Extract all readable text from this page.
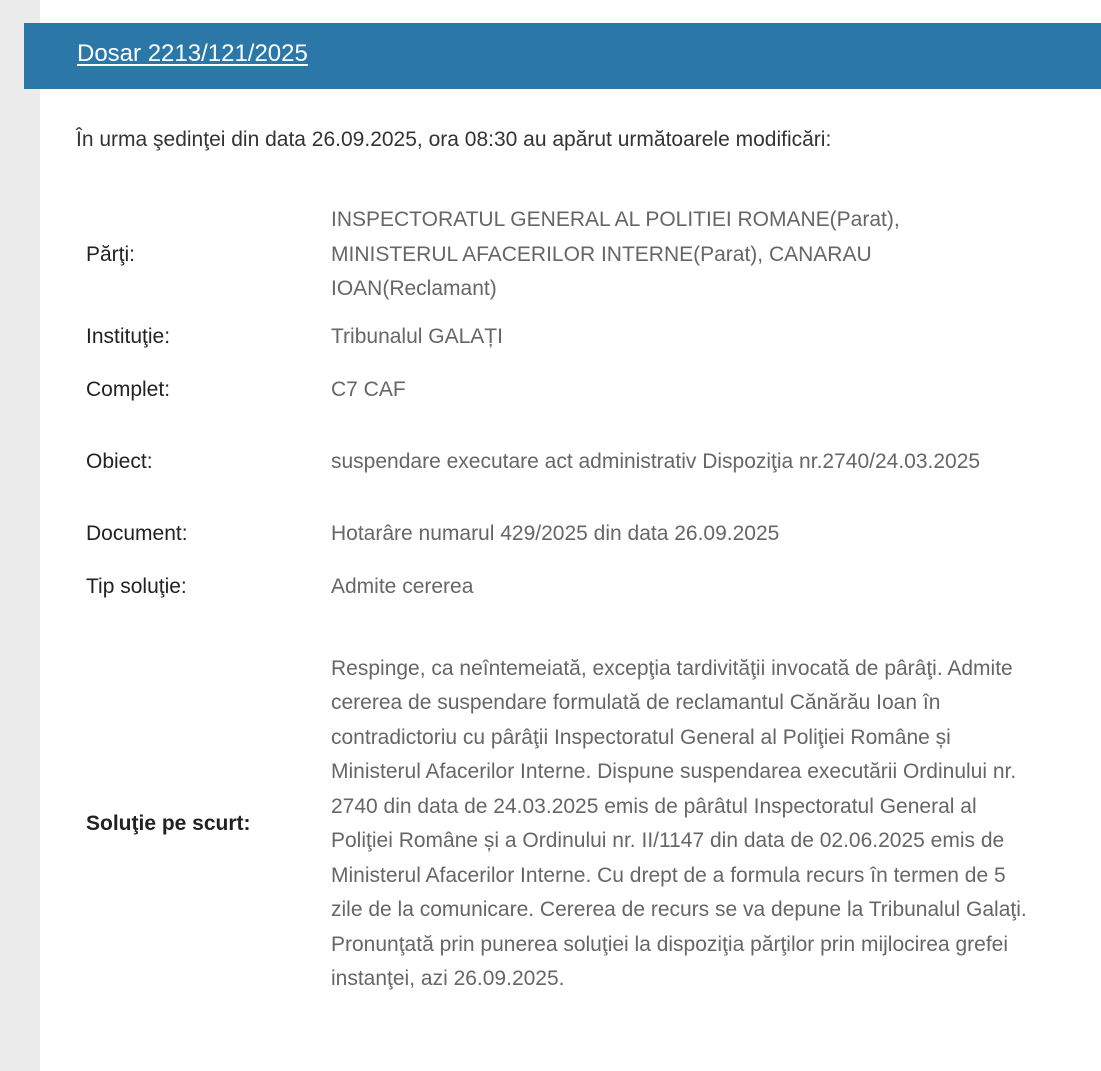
Dosar 2213/121/2025
În urma şedinţei din data 26.09.2025, ora 08:30 au apărut următoarele modificări:
Părţi:	INSPECTORATUL GENERAL AL POLITIEI ROMANE(Parat), MINISTERUL AFACERILOR INTERNE(Parat), CANARAU IOAN(Reclamant)
Instituţie:	Tribunalul GALAȚI
Complet:	C7 CAF
Obiect:	suspendare executare act administrativ Dispoziţia nr.2740/24.03.2025
Document:	Hotarâre numarul 429/2025 din data 26.09.2025
Tip soluţie:	Admite cererea
Soluţie pe scurt:	Respinge, ca neîntemeiată, excepţia tardivităţii invocată de pârâţi. Admite cererea de suspendare formulată de reclamantul Cănărău Ioan în contradictoriu cu pârâţii Inspectoratul General al Poliţiei Române și Ministerul Afacerilor Interne. Dispune suspendarea executării Ordinului nr. 2740 din data de 24.03.2025 emis de pârâtul Inspectoratul General al Poliţiei Române și a Ordinului nr. II/1147 din data de 02.06.2025 emis de Ministerul Afacerilor Interne. Cu drept de a formula recurs în termen de 5 zile de la comunicare. Cererea de recurs se va depune la Tribunalul Galaţi. Pronunţată prin punerea soluţiei la dispoziţia părţilor prin mijlocirea grefei instanţei, azi 26.09.2025.
